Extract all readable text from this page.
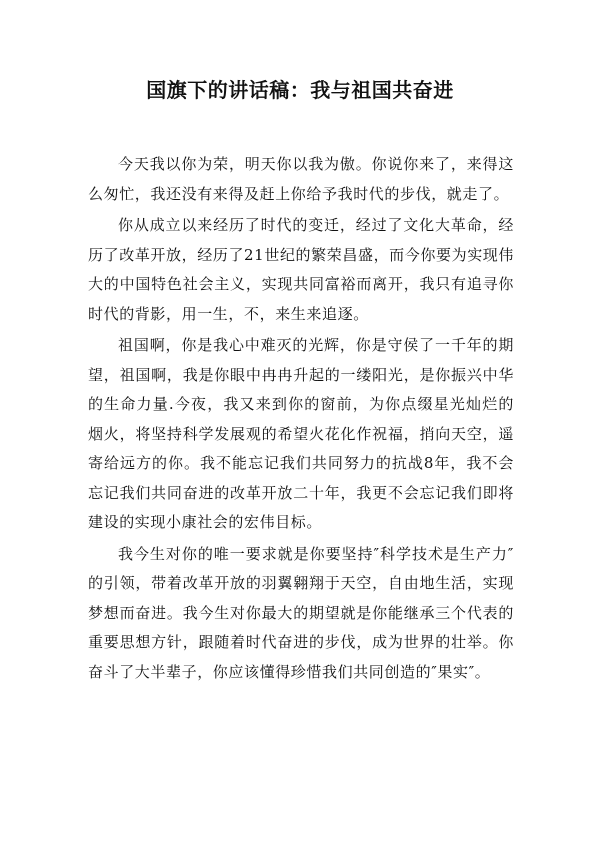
国旗下的讲话稿：我与祖国共奋进

今天我以你为荣，明天你以我为傲。你说你来了，来得这么匆忙，我还没有来得及赶上你给予我时代的步伐，就走了。

你从成立以来经历了时代的变迁，经过了文化大革命，经历了改革开放，经历了21世纪的繁荣昌盛，而今你要为实现伟大的中国特色社会主义，实现共同富裕而离开，我只有追寻你时代的背影，用一生，不，来生来追逐。

祖国啊，你是我心中难灭的光辉，你是守侯了一千年的期望，祖国啊，我是你眼中冉冉升起的一缕阳光，是你振兴中华的生命力量.今夜，我又来到你的窗前，为你点缀星光灿烂的烟火，将坚持科学发展观的希望火花化作祝福，捎向天空，遥寄给远方的你。我不能忘记我们共同努力的抗战8年，我不会忘记我们共同奋进的改革开放二十年，我更不会忘记我们即将建设的实现小康社会的宏伟目标。

我今生对你的唯一要求就是你要坚持″科学技术是生产力″的引领，带着改革开放的羽翼翱翔于天空，自由地生活，实现梦想而奋进。我今生对你最大的期望就是你能继承三个代表的重要思想方针，跟随着时代奋进的步伐，成为世界的壮举。你奋斗了大半辈子，你应该懂得珍惜我们共同创造的″果实″。
